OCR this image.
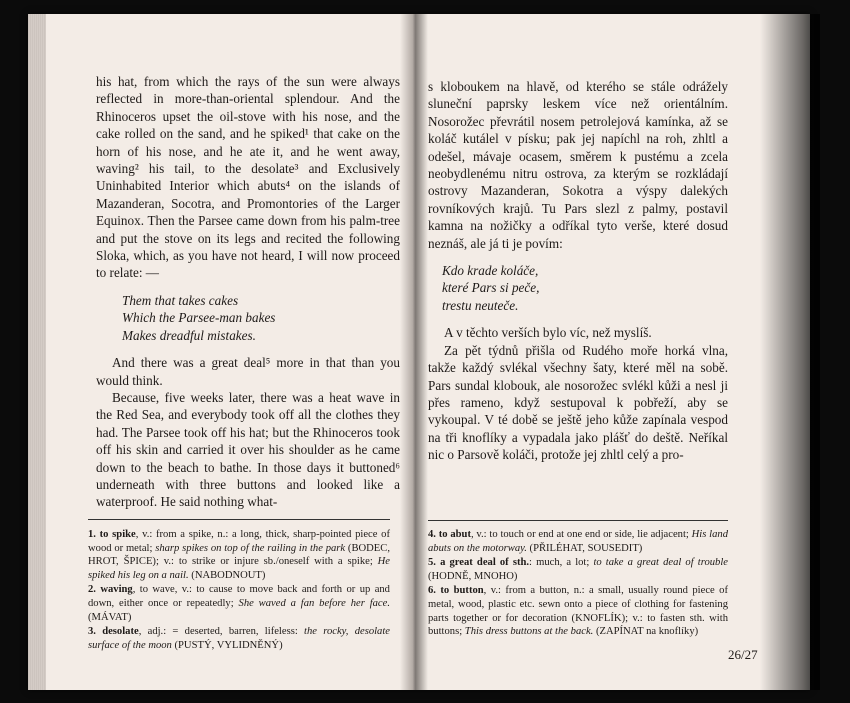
his hat, from which the rays of the sun were always reflected in more-than-oriental splendour. And the Rhinoceros upset the oil-stove with his nose, and the cake rolled on the sand, and he spiked¹ that cake on the horn of his nose, and he ate it, and he went away, waving² his tail, to the desolate³ and Exclusively Uninhabited Interior which abuts⁴ on the islands of Mazanderan, Socotra, and Promontories of the Larger Equinox. Then the Parsee came down from his palm-tree and put the stove on its legs and recited the following Sloka, which, as you have not heard, I will now proceed to relate: —

Them that takes cakes
Which the Parsee-man bakes
Makes dreadful mistakes.

And there was a great deal⁵ more in that than you would think.

Because, five weeks later, there was a heat wave in the Red Sea, and everybody took off all the clothes they had. The Parsee took off his hat; but the Rhinoceros took off his skin and carried it over his shoulder as he came down to the beach to bathe. In those days it buttoned⁶ underneath with three buttons and looked like a waterproof. He said nothing what-

1. to spike, v.: from a spike, n.: a long, thick, sharp-pointed piece of wood or metal; sharp spikes on top of the railing in the park (BODEC, HROT, ŠPICE); v.: to strike or injure sb./oneself with a spike; He spiked his leg on a nail. (NABODNOUT)

2. waving, to wave, v.: to cause to move back and forth or up and down, either once or repeatedly; She waved a fan before her face. (MÁVAT)

3. desolate, adj.: = deserted, barren, lifeless: the rocky, desolate surface of the moon (PUSTÝ, VYLIDNĚNÝ)

s kloboukem na hlavě, od kterého se stále odrážely sluneční paprsky leskem více než orientálním. Nosorožec převrátil nosem petrolejová kamínka, až se koláč kutálel v písku; pak jej napíchl na roh, zhltl a odešel, mávaje ocasem, směrem k pustému a zcela neobydlenému nitru ostrova, za kterým se rozkládají ostrovy Mazanderan, Sokotra a výspy dalekých rovníkových krajů. Tu Pars slezl z palmy, postavil kamna na nožičky a odříkal tyto verše, které dosud neznáš, ale já ti je povím:

Kdo krade koláče,
které Pars si peče,
trestu neuteče.

A v těchto verších bylo víc, než myslíš.

Za pět týdnů přišla od Rudého moře horká vlna, takže každý svlékal všechny šaty, které měl na sobě. Pars sundal klobouk, ale nosorožec svlékl kůži a nesl ji přes rameno, když sestupoval k pobřeží, aby se vykoupal. V té době se ještě jeho kůže zapínala vespod na tři knoflíky a vypadala jako plášť do deště. Neříkal nic o Parsově koláči, protože jej zhltl celý a pro-

4. to abut, v.: to touch or end at one end or side, lie adjacent; His land abuts on the motorway. (PŘILÉHAT, SOUSEDIT)

5. a great deal of sth.: much, a lot; to take a great deal of trouble (HODNĚ, MNOHO)

6. to button, v.: from a button, n.: a small, usually round piece of metal, wood, plastic etc. sewn onto a piece of clothing for fastening parts together or for decoration (KNOFLÍK); v.: to fasten sth. with buttons; This dress buttons at the back. (ZAPÍNAT na knoflíky)

26/27
